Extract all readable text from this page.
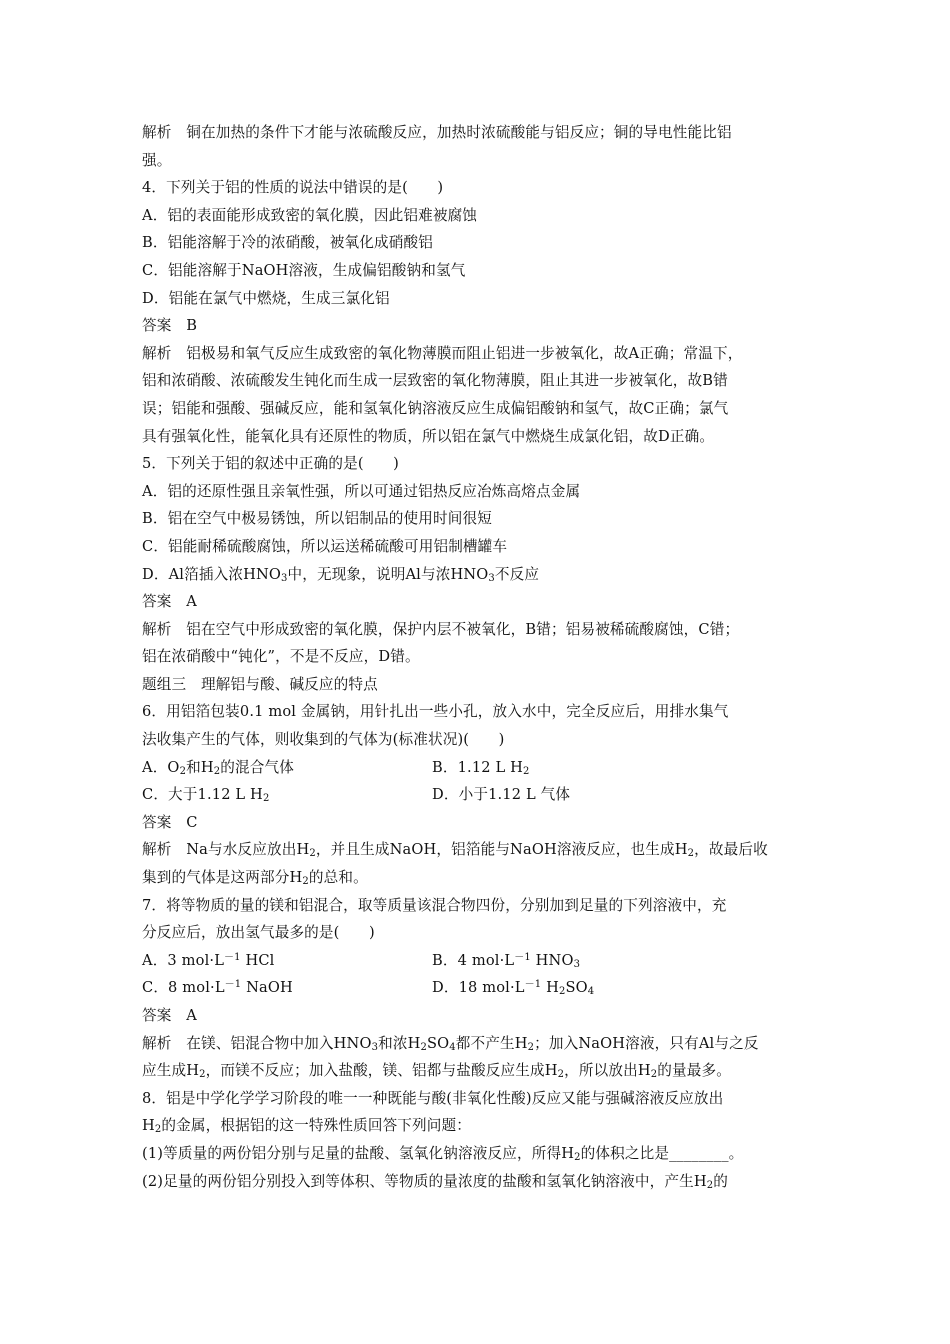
解析　铜在加热的条件下才能与浓硫酸反应，加热时浓硫酸能与铝反应；铜的导电性能比铝
强。
4．下列关于铝的性质的说法中错误的是(　　)
A．铝的表面能形成致密的氧化膜，因此铝难被腐蚀
B．铝能溶解于冷的浓硝酸，被氧化成硝酸铝
C．铝能溶解于NaOH溶液，生成偏铝酸钠和氢气
D．铝能在氯气中燃烧，生成三氯化铝
答案　B
解析　铝极易和氧气反应生成致密的氧化物薄膜而阻止铝进一步被氧化，故A正确；常温下，
铝和浓硝酸、浓硫酸发生钝化而生成一层致密的氧化物薄膜，阻止其进一步被氧化，故B错
误；铝能和强酸、强碱反应，能和氢氧化钠溶液反应生成偏铝酸钠和氢气，故C正确；氯气
具有强氧化性，能氧化具有还原性的物质，所以铝在氯气中燃烧生成氯化铝，故D正确。
5．下列关于铝的叙述中正确的是(　　)
A．铝的还原性强且亲氧性强，所以可通过铝热反应冶炼高熔点金属
B．铝在空气中极易锈蚀，所以铝制品的使用时间很短
C．铝能耐稀硫酸腐蚀，所以运送稀硫酸可用铝制槽罐车
D．Al箔插入浓$HNO_3$中，无现象，说明Al与浓$HNO_3$不反应
答案　A
解析　铝在空气中形成致密的氧化膜，保护内层不被氧化，B错；铝易被稀硫酸腐蚀，C错；
铝在浓硝酸中“钝化”，不是不反应，D错。
题组三　理解铝与酸、碱反应的特点
6．用铝箔包装0.1 mol 金属钠，用针扎出一些小孔，放入水中，完全反应后，用排水集气
法收集产生的气体，则收集到的气体为(标准状况)(　　)
A．$O_2$和$H_2$的混合气体	B．1.12 L $H_2$
C．大于1.12 L $H_2$	D．小于1.12 L 气体
答案　C
解析　Na与水反应放出$H_2$，并且生成NaOH，铝箔能与NaOH溶液反应，也生成$H_2$，故最后收
集到的气体是这两部分$H_2$的总和。
7．将等物质的量的镁和铝混合，取等质量该混合物四份，分别加到足量的下列溶液中，充
分反应后，放出氢气最多的是(　　)
A．3 $mol\cdot L^{-1}$ HCl	B．4 $mol\cdot L^{-1}$ $HNO_3$
C．8 $mol\cdot L^{-1}$ NaOH	D．18 $mol\cdot L^{-1}$ $H_2SO_4$
答案　A
解析　在镁、铝混合物中加入$HNO_3$和浓$H_2SO_4$都不产生$H_2$；加入NaOH溶液，只有Al与之反
应生成$H_2$，而镁不反应；加入盐酸，镁、铝都与盐酸反应生成$H_2$，所以放出$H_2$的量最多。
8．铝是中学化学学习阶段的唯一一种既能与酸(非氧化性酸)反应又能与强碱溶液反应放出
$H_2$的金属，根据铝的这一特殊性质回答下列问题：
(1)等质量的两份铝分别与足量的盐酸、氢氧化钠溶液反应，所得$H_2$的体积之比是________。
(2)足量的两份铝分别投入到等体积、等物质的量浓度的盐酸和氢氧化钠溶液中，产生$H_2$的
